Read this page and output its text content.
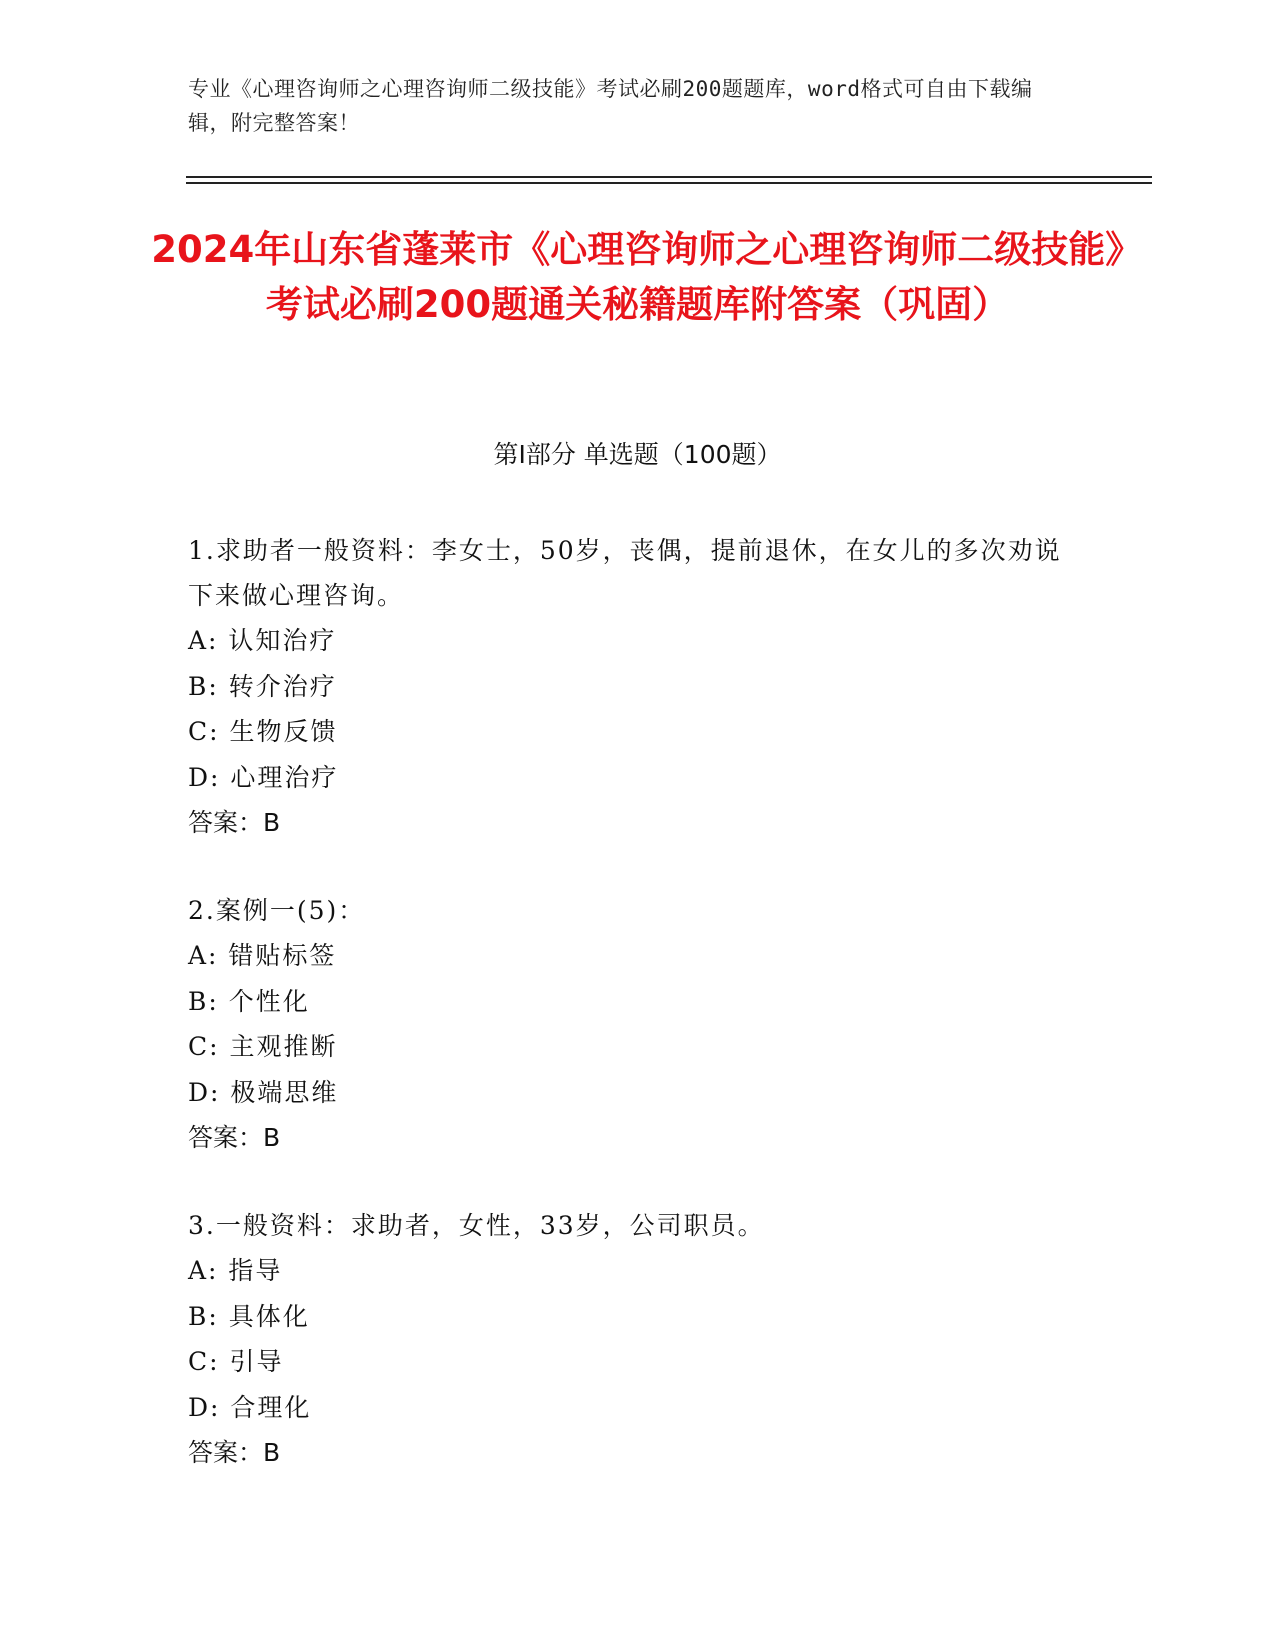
专业《心理咨询师之心理咨询师二级技能》考试必刷200题题库，word格式可自由下载编辑，附完整答案！
2024年山东省蓬莱市《心理咨询师之心理咨询师二级技能》考试必刷200题通关秘籍题库附答案（巩固）
第Ⅰ部分 单选题（100题）
1.求助者一般资料：李女士，50岁，丧偶，提前退休，在女儿的多次劝说下来做心理咨询。
A: 认知治疗
B: 转介治疗
C: 生物反馈
D: 心理治疗
答案：B
2.案例一(5)：
A: 错贴标签
B: 个性化
C: 主观推断
D: 极端思维
答案：B
3.一般资料：求助者，女性，33岁，公司职员。
A: 指导
B: 具体化
C: 引导
D: 合理化
答案：B
